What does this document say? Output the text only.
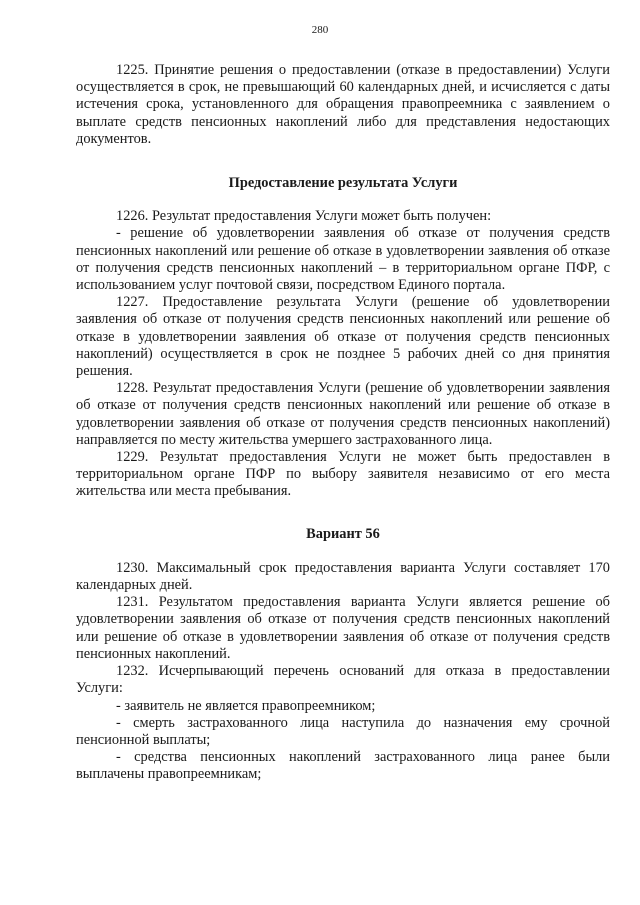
280

1225. Принятие решения о предоставлении (отказе в предоставлении) Услуги осуществляется в срок, не превышающий 60 календарных дней, и исчисляется с даты истечения срока, установленного для обращения правопреемника с заявлением о выплате средств пенсионных накоплений либо для представления недостающих документов.

Предоставление результата Услуги

1226. Результат предоставления Услуги может быть получен:

- решение об удовлетворении заявления об отказе от получения средств пенсионных накоплений или решение об отказе в удовлетворении заявления об отказе от получения средств пенсионных накоплений – в территориальном органе ПФР, с использованием услуг почтовой связи, посредством Единого портала.

1227. Предоставление результата Услуги (решение об удовлетворении заявления об отказе от получения средств пенсионных накоплений или решение об отказе в удовлетворении заявления об отказе от получения средств пенсионных накоплений) осуществляется в срок не позднее 5 рабочих дней со дня принятия решения.

1228. Результат предоставления Услуги (решение об удовлетворении заявления об отказе от получения средств пенсионных накоплений или решение об отказе в удовлетворении заявления об отказе от получения средств пенсионных накоплений) направляется по месту жительства умершего застрахованного лица.

1229. Результат предоставления Услуги не может быть предоставлен в территориальном органе ПФР по выбору заявителя независимо от его места жительства или места пребывания.

Вариант 56

1230. Максимальный срок предоставления варианта Услуги составляет 170 календарных дней.

1231. Результатом предоставления варианта Услуги является решение об удовлетворении заявления об отказе от получения средств пенсионных накоплений или решение об отказе в удовлетворении заявления об отказе от получения средств пенсионных накоплений.

1232. Исчерпывающий перечень оснований для отказа в предоставлении Услуги:

- заявитель не является правопреемником;

- смерть застрахованного лица наступила до назначения ему срочной пенсионной выплаты;

- средства пенсионных накоплений застрахованного лица ранее были выплачены правопреемникам;
